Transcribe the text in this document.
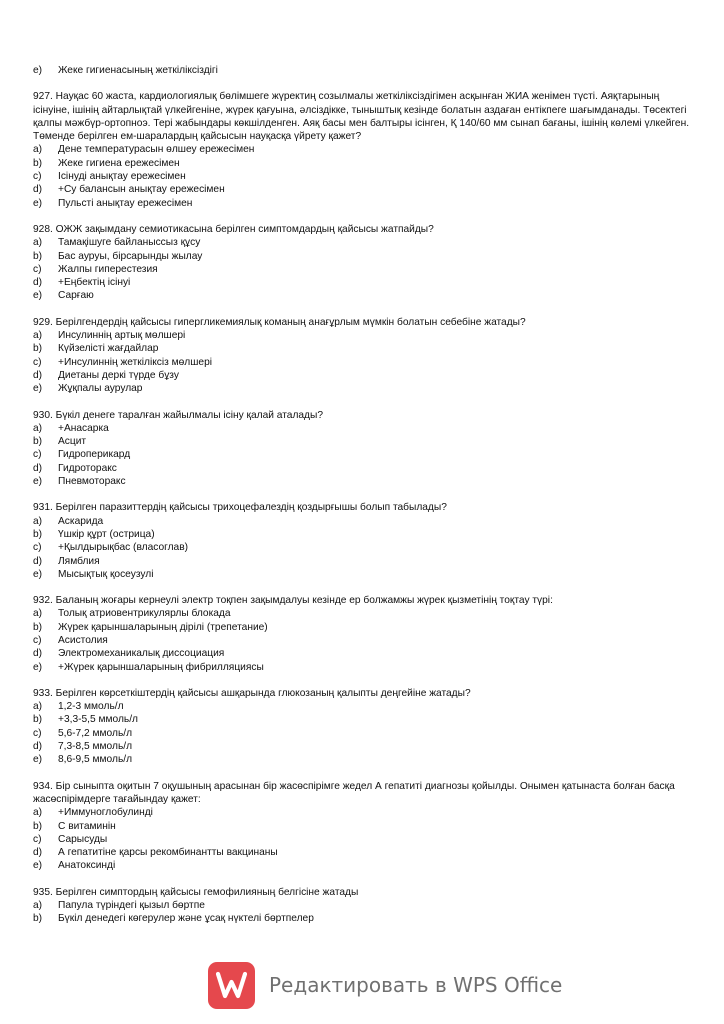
e)	Жеке гигиенасының жеткіліксіздігі
927. Науқас 60 жаста, кардиологиялық бөлімшеге жүректиң созылмалы жеткіліксіздігімен асқынған ЖИА женімен түсті. Аяқтарының ісінуіне, ішінің айтарлықтай үлкейгеніне, жүрек қағуына, әлсіздікке, тыныштық кезінде болатын аздаған ентікпеге шағымданады. Төсектегі қалпы мәжбүр-ортопноэ. Тері жабындары көкшілденген. Аяқ басы мен балтыры ісінген, Қ 140/60 мм сынап бағаны, ішінің көлемі үлкейген. Төменде берілген ем-шаралардың қайсысын науқасқа үйрету қажет?
a)	Дене температурасын өлшеу ережесімен
b)	Жеке гигиена ережесімен
c)	Ісінуді анықтау ережесімен
d)	+Су балансын анықтау ережесімен
e)	Пульсті анықтау ережесімен
928. ОЖЖ зақымдану семиотикасына берілген симптомдардың қайсысы жатпайды?
a)	Тамақішуге байланыссыз құсу
b)	Бас ауруы, бірсарынды жылау
c)	Жалпы гиперестезия
d)	+Еңбектің ісінуі
e)	Сарғаю
929. Берілгендердің қайсысы гипергликемиялық команың анағұрлым мүмкін болатын себебіне жатады?
a)	Инсулиннің артық мөлшері
b)	Күйзелісті жағдайлар
c)	+Инсулиннің жеткіліксіз мөлшері
d)	Диетаны деркі түрде бұзу
e)	Жұқпалы аурулар
930. Бүкіл денеге таралған жайылмалы ісіну қалай аталады?
a)	+Анасарка
b)	Асцит
c)	Гидроперикард
d)	Гидроторакс
e)	Пневмоторакс
931. Берілген паразиттердің қайсысы трихоцефалездің қоздырғышы болып табылады?
a)	Аскарида
b)	Үшкір құрт (острица)
c)	+Қылдырықбас (власоглав)
d)	Лямблия
e)	Мысықтық қосеузулі
932. Баланың жоғары кернеулі электр тоқпен зақымдалуы кезінде ер болжамжы жүрек қызметінің тоқтау түрі:
a)	Толық атриовентрикулярлы блокада
b)	Жүрек қарыншаларының дірілі (трепетание)
c)	Асистолия
d)	Электромеханикалық диссоциация
e)	+Жүрек қарыншаларының фибрилляциясы
933. Берілген көрсеткіштердің қайсысы ашқарында глюкозаның қалыпты деңгейіне жатады?
a)	1,2-3 ммоль/л
b)	+3,3-5,5 ммоль/л
c)	5,6-7,2 ммоль/л
d)	7,3-8,5 ммоль/л
e)	8,6-9,5 ммоль/л
934. Бір сыныпта оқитын 7 оқушының арасынан бір жасөспірімге жедел А гепатиті диагнозы қойылды. Онымен қатынаста болған басқа жасөспірімдерге тағайындау қажет:
a)	+Иммуноглобулинді
b)	С витаминін
c)	Сарысуды
d)	А гепатитіне қарсы рекомбинантты вакцинаны
e)	Анатоксинді
935. Берілген симптордың қайсысы гемофилияның белгісіне жатады
a)	Папула түріндегі қызыл бөртпе
b)	Бүкіл денедегі көгерулер және ұсақ нүктелі бөртпелер
Редактировать в WPS Office
